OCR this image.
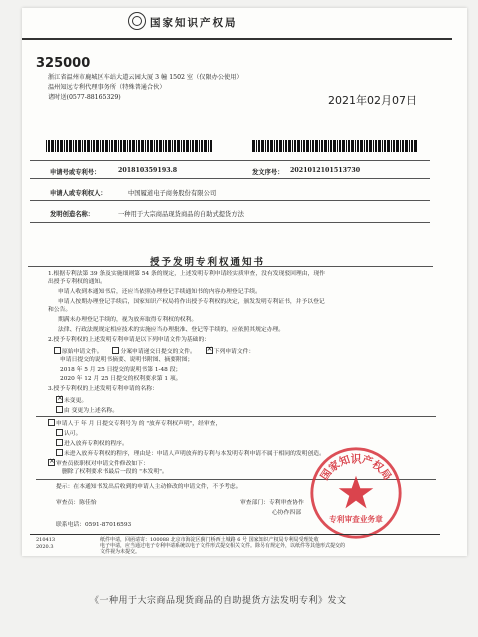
国家知识产权局
325000
浙江省温州市鹿城区车站大道云园大厦 3 幢 1502 室（仅限办公使用）
温州知远专利代理事务所（特殊普通合伙）
诸时送(0577-88165329)	2021年02月07日
申请号或专利号：	201810359193.8	发文序号： 2021012101513730
申请人或专利权人：	中国履道电子商务股份有限公司
发明创造名称：	一种用于大宗商品现货商品的自助式提货方法
授予发明专利权通知书
1.根据专利法第 39 条及实施细则第 54 条的规定，上述发明专利申请经实质审查，没有发现驳回理由，现作
出授予专利权的通知。
申请人收到本通知书后，还应当依照办理登记手续通知书的内容办理登记手续。
申请人按期办理登记手续后，国家知识产权局将作出授予专利权的决定，颁发发明专利证书，并予以登记
和公告。
期满未办理登记手续的，视为放弃取得专利权的权利。
法律、行政法规规定相应技术的实施应当办理批准、登记等手续的，应依照其规定办理。
2.授予专利权的上述发明专利申请是以下列申请文件为基础的：
原始申请文件。	分案申请递交日提交的文件。 ×	下列申请文件：
申请日提交的说明书摘要、说明书附图、摘要附图；
2018 年 5 月 25 日提交的说明书第 1-48 段；
2020 年 12 月 25 日提交的权利要求第 1 项。
3.授予专利权的上述发明专利申请的名称：
×未变更。
由 变更为上述名称。
申请人于 年 月 日提交专利号为 的 "放弃专利权声明"，经审查，
认可。
进入放弃专利权的程序。
未进入放弃专利权的程序，理由是：申请人声明放弃的专利与本发明专利申请不属于相同的发明创造。
×审查员依职权对申请文件修改如下：
删除了权利要求书最后一段的 "本发明"。
提示：在本通知书发出后收到的申请人主动修改的申请文件，不予考虑。
审查员：陈佳怡	审查部门：专利审查协作
心协作四部
联系电话：0591-87016593
国家知识产权局
专利审查业务章
210413
2020.3
纸件申请，回函请寄：100088 北京市海淀区蓟门桥西土城路 6 号 国家知识产权局专利局受理处收
电子申请，应当通过电子专利申请系统以电子文件形式提交相关文件。除另有规定外，以纸件等其他形式提交的
文件视为未提交。
《一种用于大宗商品现货商品的自助提货方法发明专利》发文
